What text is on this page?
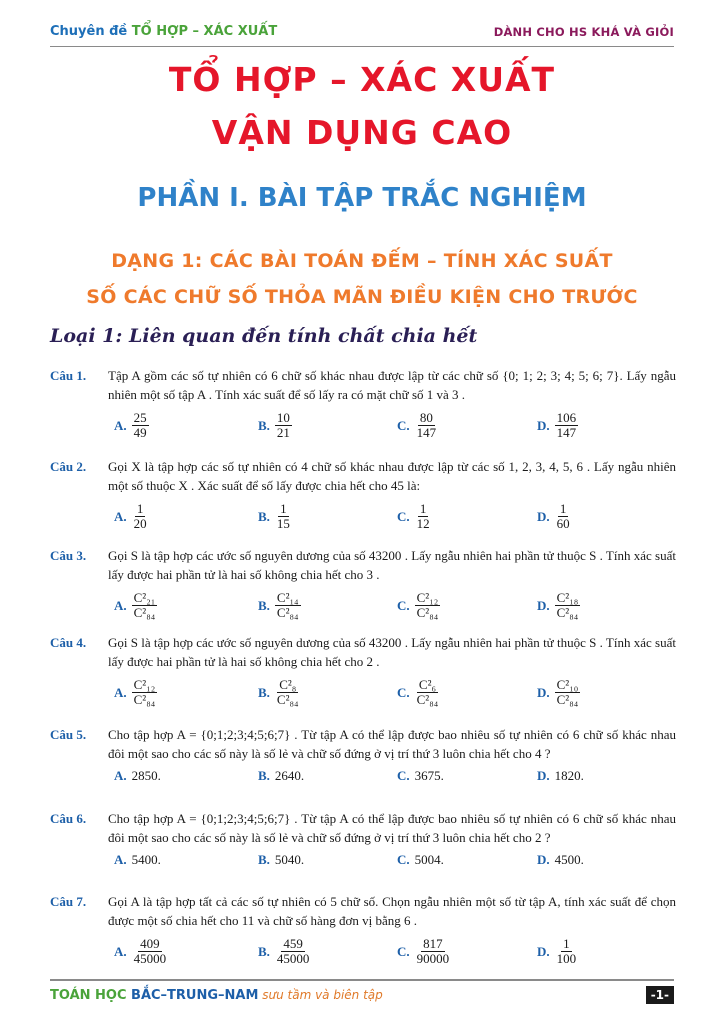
Chuyên đề TỔ HỢP – XÁC XUẤT	DÀNH CHO HS KHÁ VÀ GIỎI
TỔ HỢP – XÁC XUẤT
VẬN DỤNG CAO
PHẦN I. BÀI TẬP TRẮC NGHIỆM
DẠNG 1: CÁC BÀI TOÁN ĐẾM – TÍNH XÁC SUẤT
SỐ CÁC CHỮ SỐ THỎA MÃN ĐIỀU KIỆN CHO TRƯỚC
Loại 1: Liên quan đến tính chất chia hết
Câu 1. Tập A gồm các số tự nhiên có 6 chữ số khác nhau được lập từ các chữ số {0; 1; 2; 3; 4; 5; 6; 7}. Lấy ngẫu nhiên một số tập A . Tính xác suất để số lấy ra có mặt chữ số 1 và 3 .
A. $\frac{25}{49}$	B. $\frac{10}{21}$	C. $\frac{80}{147}$	D. $\frac{106}{147}$
Câu 2. Gọi X là tập hợp các số tự nhiên có 4 chữ số khác nhau được lập từ các số 1, 2, 3, 4, 5, 6 . Lấy ngẫu nhiên một số thuộc X . Xác suất để số lấy được chia hết cho 45 là:
A. $\frac{1}{20}$	B. $\frac{1}{15}$	C. $\frac{1}{12}$	D. $\frac{1}{60}$
Câu 3. Gọi S là tập hợp các ước số nguyên dương của số 43200 . Lấy ngẫu nhiên hai phần tử thuộc S . Tính xác suất lấy được hai phần tử là hai số không chia hết cho 3 .
A. $\frac{\text{C²₂₁}}{\text{C²₈₄}}$	B. $\frac{\text{C²₁₄}}{\text{C²₈₄}}$	C. $\frac{\text{C²₁₂}}{\text{C²₈₄}}$	D. $\frac{\text{C²₁₈}}{\text{C²₈₄}}$
Câu 4. Gọi S là tập hợp các ước số nguyên dương của số 43200 . Lấy ngẫu nhiên hai phần tử thuộc S . Tính xác suất lấy được hai phần tử là hai số không chia hết cho 2 .
A. $\frac{\text{C²₁₂}}{\text{C²₈₄}}$	B. $\frac{\text{C²₈}}{\text{C²₈₄}}$	C. $\frac{\text{C²₆}}{\text{C²₈₄}}$	D. $\frac{\text{C²₁₀}}{\text{C²₈₄}}$
Câu 5. Cho tập hợp A = {0;1;2;3;4;5;6;7} . Từ tập A có thể lập được bao nhiêu số tự nhiên có 6 chữ số khác nhau đôi một sao cho các số này là số lẻ và chữ số đứng ở vị trí thứ 3 luôn chia hết cho 4 ?
A. 2850.	B. 2640.	C. 3675.	D. 1820.
Câu 6. Cho tập hợp A = {0;1;2;3;4;5;6;7} . Từ tập A có thể lập được bao nhiêu số tự nhiên có 6 chữ số khác nhau đôi một sao cho các số này là số lẻ và chữ số đứng ở vị trí thứ 3 luôn chia hết cho 2 ?
A. 5400.	B. 5040.	C. 5004.	D. 4500.
Câu 7. Gọi A là tập hợp tất cả các số tự nhiên có 5 chữ số. Chọn ngẫu nhiên một số từ tập A, tính xác suất để chọn được một số chia hết cho 11 và chữ số hàng đơn vị bằng 6 .
A. $\frac{409}{45000}$	B. $\frac{459}{45000}$	C. $\frac{817}{90000}$	D. $\frac{1}{100}$
TOÁN HỌC BẮC–TRUNG–NAM sưu tầm và biên tập	-1-
